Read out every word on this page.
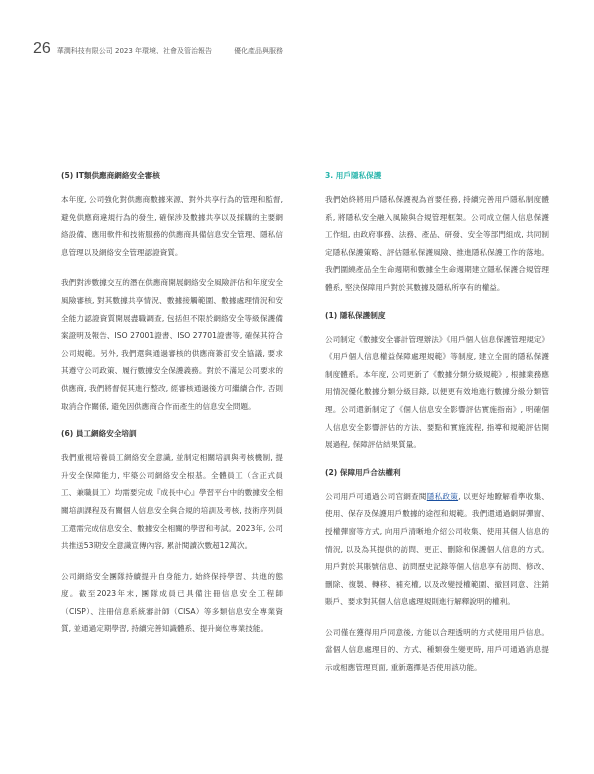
26 華潤科技有限公司 2023 年環境、社會及管治報告	優化產品與服務
(5) IT類供應商網絡安全審核

本年度, 公司強化對供應商數據來源、對外共享行為的管理和監督, 避免供應商違規行為的發生, 確保涉及數據共享以及採購的主要網絡設備、應用軟件和技術服務的供應商具備信息安全管理、隱私信息管理以及網絡安全管理認證資質。

我們對涉數據交互的潛在供應商開展網絡安全風險評估和年度安全風險審核, 對其數據共享情況、數據接觸範圍、數據處理情況和安全能力認證資質開展盡職調查, 包括但不限於網絡安全等級保護備案證明及報告、ISO 27001證書、ISO 27701證書等, 確保其符合公司規範。另外, 我們還與通過審核的供應商簽訂安全協議, 要求其遵守公司政策、履行數據安全保護義務。對於不滿足公司要求的供應商, 我們將督促其進行整改, 經審核通過後方可繼續合作, 否則取消合作關係, 避免因供應商合作而產生的信息安全問題。

(6) 員工網絡安全培訓

我們重視培養員工網絡安全意識, 並制定相關培訓與考核機制, 提升安全保障能力, 牢築公司網絡安全根基。全體員工（含正式員工、兼職員工）均需要完成『成長中心』學習平台中的數據安全相關培訓課程及有關個人信息安全與合規的培訓及考核, 技術序列員工還需完成信息安全、數據安全相關的學習和考試。2023年, 公司共推送53期安全意識宣傳內容, 累計閱讀次數超12萬次。

公司網絡安全團隊持續提升自身能力, 始終保持學習、共進的態度。截至2023年末, 團隊成員已具備注冊信息安全工程師（CISP）、注冊信息系統審計師（CISA）等多類信息安全專業資質, 並通過定期學習, 持續完善知識體系、提升崗位專業技能。

3. 用戶隱私保護

我們始終將用戶隱私保護視為首要任務, 持續完善用戶隱私制度體系, 將隱私安全融入風險與合規管理框架。公司成立個人信息保護工作組, 由政府事務、法務、產品、研發、安全等部門組成, 共同制定隱私保護策略、評估隱私保護風險、推進隱私保護工作的落地。我們圍繞產品全生命週期和數據全生命週期建立隱私保護合規管理體系, 堅決保障用戶對於其數據及隱私所享有的權益。

(1) 隱私保護制度

公司制定《數據安全審計管理辦法》《用戶個人信息保護管理規定》《用戶個人信息權益保障處理規範》等制度, 建立全面的隱私保護制度體系。本年度, 公司更新了《數據分類分級規範》, 根據業務應用情況優化數據分類分級目錄, 以便更有效地進行數據分級分類管理。公司還新制定了《個人信息安全影響評估實施指南》, 明確個人信息安全影響評估的方法、要點和實施流程, 指導和規範評估開展過程, 保障評估結果質量。

(2) 保障用戶合法權利

公司用戶可通過公司官網查閱隱私政策, 以更好地瞭解看準收集、使用、保存及保護用戶數據的途徑和規範。我們還通過網屏彈窗、授權彈窗等方式, 向用戶清晰地介紹公司收集、使用其個人信息的情況, 以及為其提供的訪問、更正、刪除和保護個人信息的方式。用戶對於其賬號信息、訪問歷史記錄等個人信息享有訪問、修改、刪除、復製、轉移、補充權, 以及改變授權範圍、撤回同意、注銷賬戶、要求對其個人信息處理規則進行解釋說明的權利。

公司僅在獲得用戶同意後, 方能以合理透明的方式使用用戶信息。當個人信息處理目的、方式、種類發生變更時, 用戶可通過消息提示或相應管理頁面, 重新選擇是否使用該功能。
